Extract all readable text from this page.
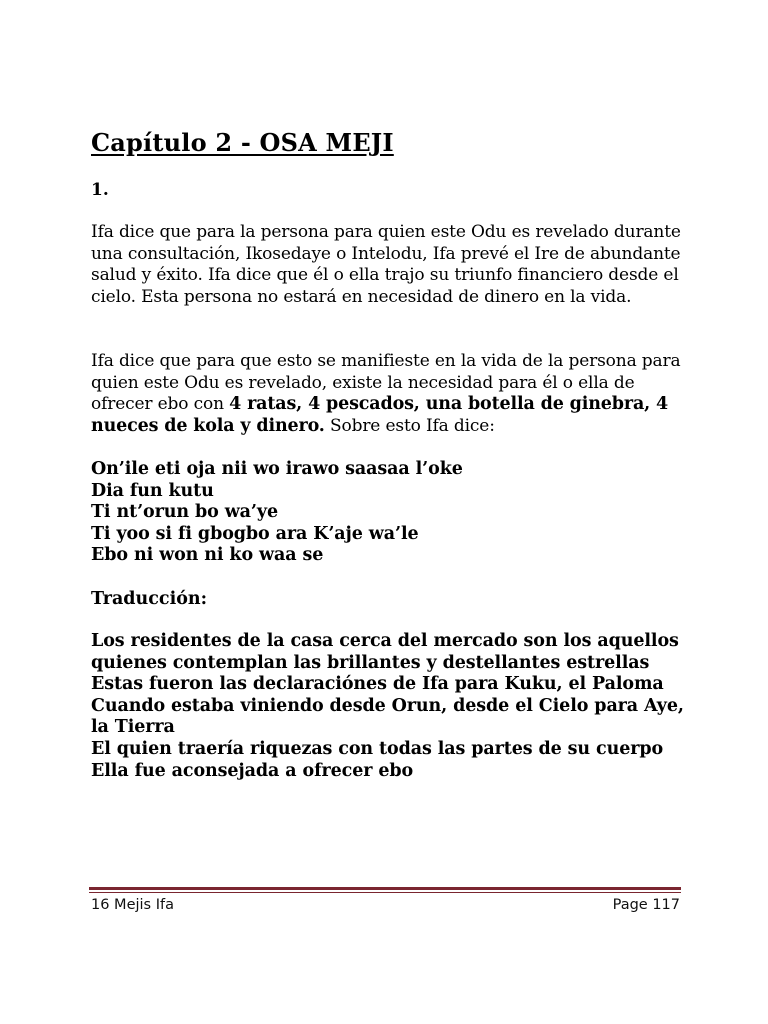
Capítulo 2 - OSA MEJI

1.

Ifa dice que para la persona para quien este Odu es revelado durante una consultación, Ikosedaye o Intelodu, Ifa prevé el Ire de abundante salud y éxito. Ifa dice que él o ella trajo su triunfo financiero desde el cielo. Esta persona no estará en necesidad de dinero en la vida.

Ifa dice que para que esto se manifieste en la vida de la persona para quien este Odu es revelado, existe la necesidad para él o ella de ofrecer ebo con 4 ratas, 4 pescados, una botella de ginebra, 4 nueces de kola y dinero. Sobre esto Ifa dice:

On’ile eti oja nii wo irawo saasaa l’oke
Dia fun kutu
Ti nt’orun bo wa’ye
Ti yoo si fi gbogbo ara K’aje wa’le
Ebo ni won ni ko waa se

Traducción:

Los residentes de la casa cerca del mercado son los aquellos quienes contemplan las brillantes y destellantes estrellas
Estas fueron las declaraciónes de Ifa para Kuku, el Paloma
Cuando estaba viniendo desde Orun, desde el Cielo para Aye, la Tierra
El quien traería riquezas con todas las partes de su cuerpo
Ella fue aconsejada a ofrecer ebo
16 Mejis Ifa	Page 117
